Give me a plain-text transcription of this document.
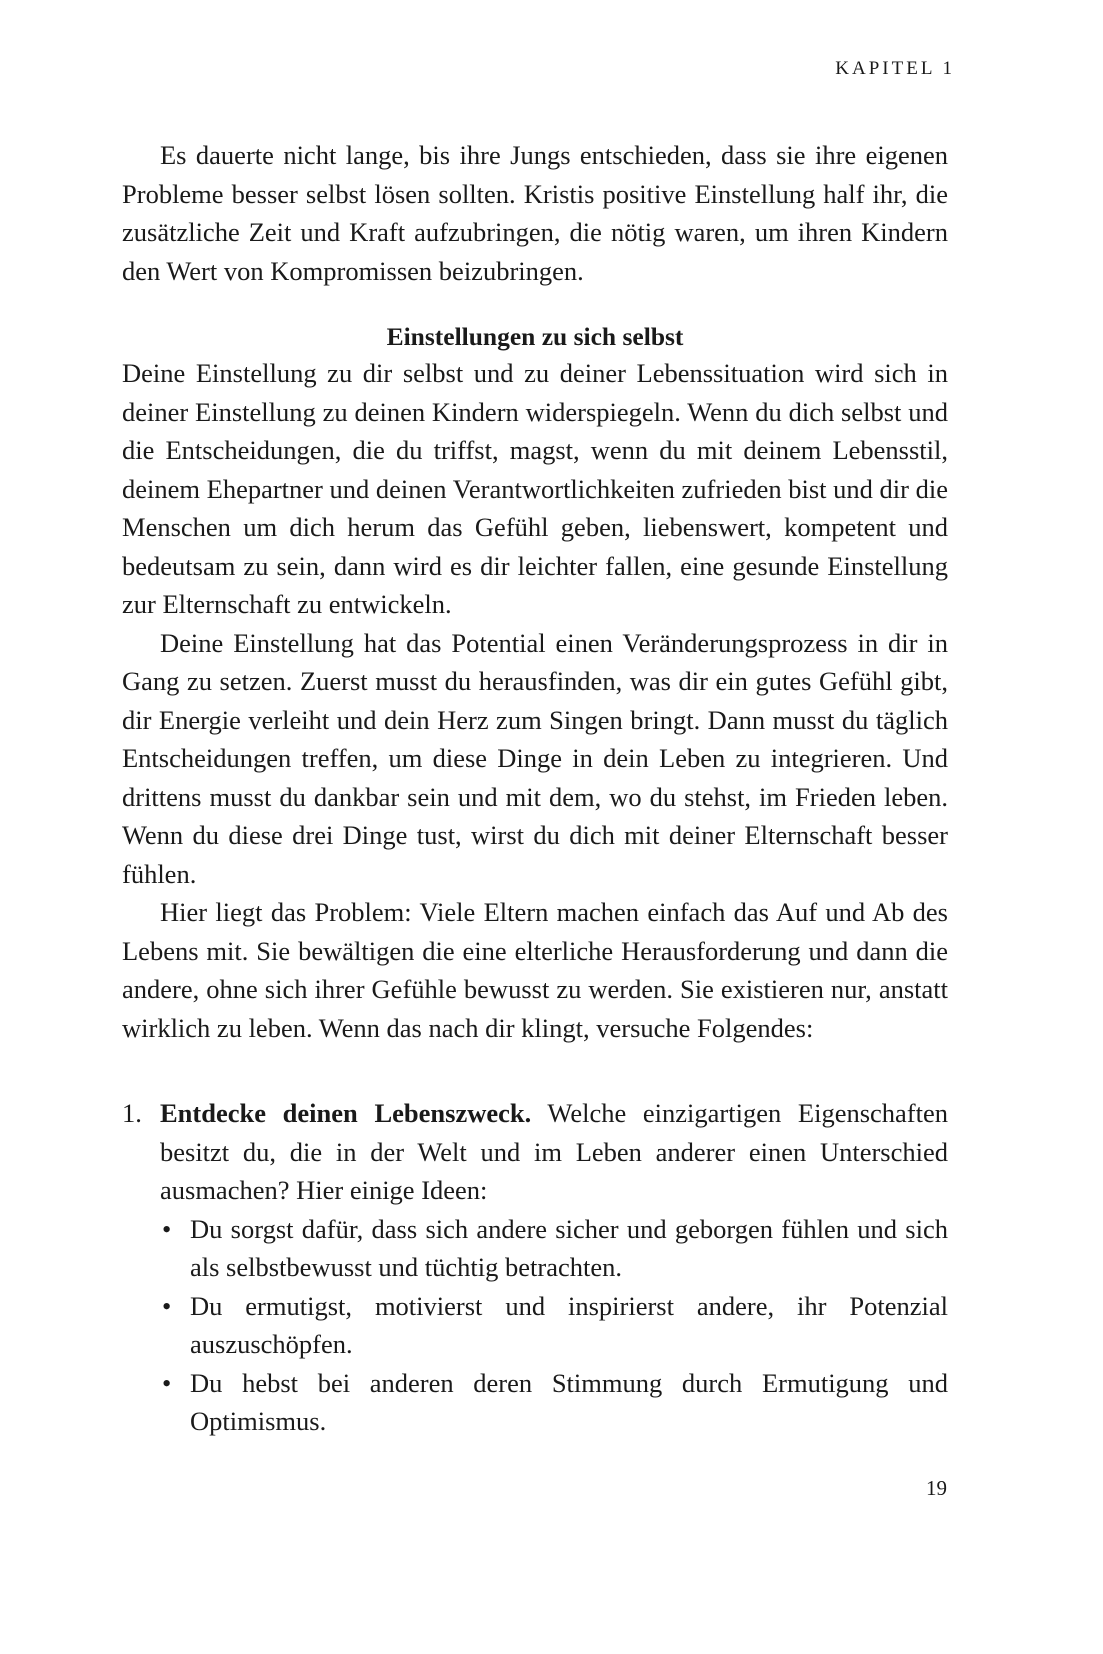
KAPITEL 1

Es dauerte nicht lange, bis ihre Jungs entschieden, dass sie ihre eigenen Probleme besser selbst lösen sollten. Kristis positive Einstellung half ihr, die zusätzliche Zeit und Kraft aufzubringen, die nötig waren, um ihren Kindern den Wert von Kompromissen beizubringen.

Einstellungen zu sich selbst

Deine Einstellung zu dir selbst und zu deiner Lebenssituation wird sich in deiner Einstellung zu deinen Kindern widerspiegeln. Wenn du dich selbst und die Entscheidungen, die du triffst, magst, wenn du mit deinem Lebensstil, deinem Ehepartner und deinen Verantwortlichkeiten zufrieden bist und dir die Menschen um dich herum das Gefühl geben, liebenswert, kompetent und bedeutsam zu sein, dann wird es dir leichter fallen, eine gesunde Einstellung zur Elternschaft zu entwickeln.

Deine Einstellung hat das Potential einen Veränderungsprozess in dir in Gang zu setzen. Zuerst musst du herausfinden, was dir ein gutes Gefühl gibt, dir Energie verleiht und dein Herz zum Singen bringt. Dann musst du täglich Entscheidungen treffen, um diese Dinge in dein Leben zu integrieren. Und drittens musst du dankbar sein und mit dem, wo du stehst, im Frieden leben. Wenn du diese drei Dinge tust, wirst du dich mit deiner Elternschaft besser fühlen.

Hier liegt das Problem: Viele Eltern machen einfach das Auf und Ab des Lebens mit. Sie bewältigen die eine elterliche Herausforderung und dann die andere, ohne sich ihrer Gefühle bewusst zu werden. Sie existieren nur, anstatt wirklich zu leben. Wenn das nach dir klingt, versuche Folgendes:

1. Entdecke deinen Lebenszweck. Welche einzigartigen Eigenschaften besitzt du, die in der Welt und im Leben anderer einen Unterschied ausmachen? Hier einige Ideen:
• Du sorgst dafür, dass sich andere sicher und geborgen fühlen und sich als selbstbewusst und tüchtig betrachten.
• Du ermutigst, motivierst und inspirierst andere, ihr Potenzial auszuschöpfen.
• Du hebst bei anderen deren Stimmung durch Ermutigung und Optimismus.
19
